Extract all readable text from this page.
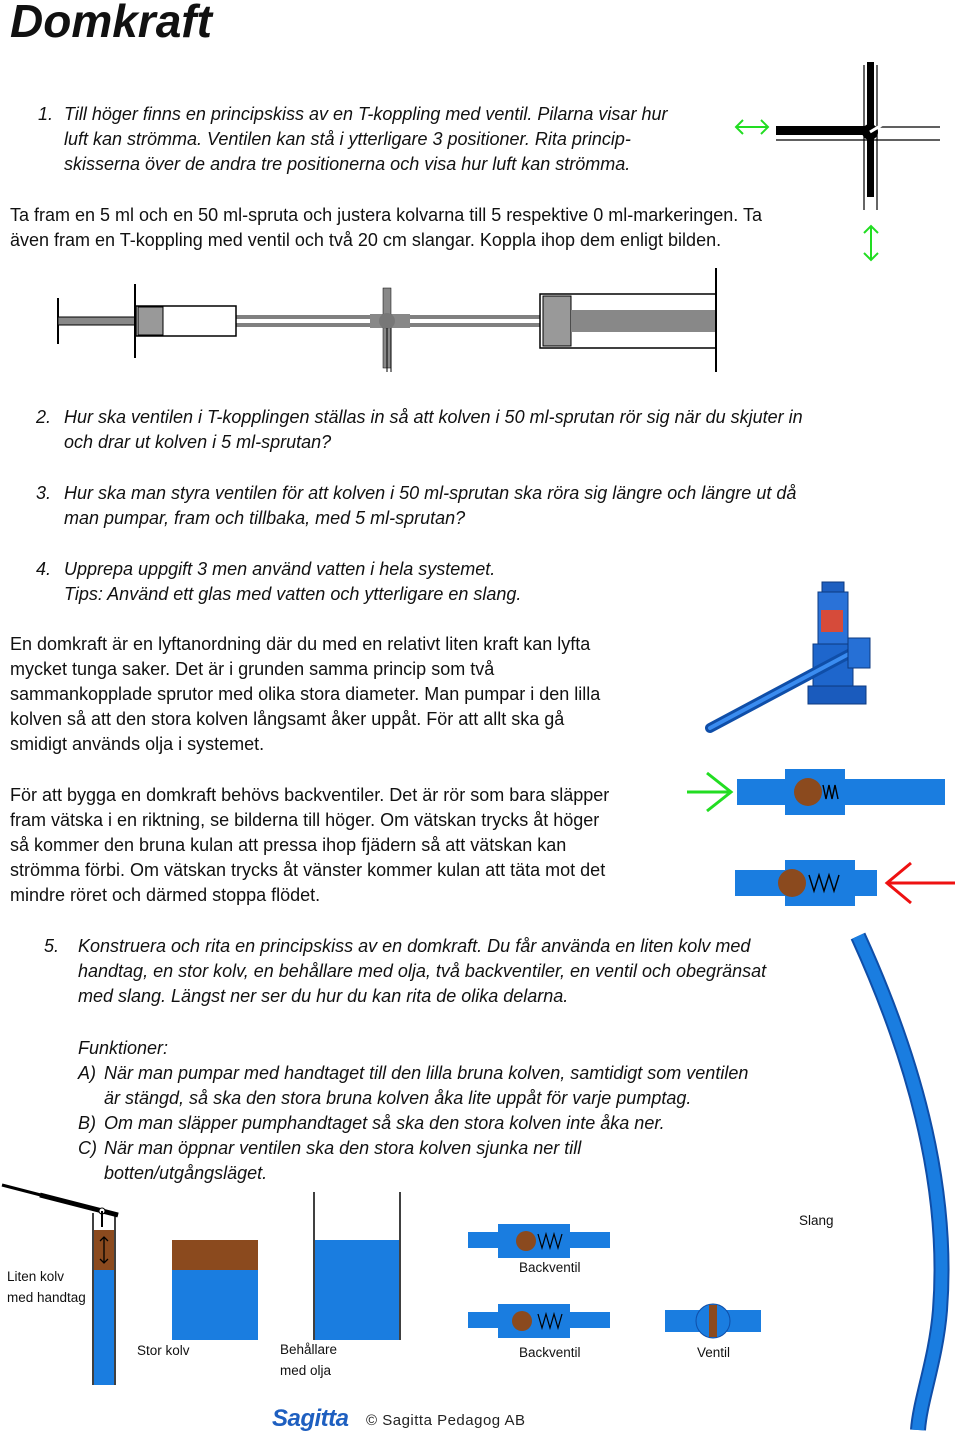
Domkraft
1. Till höger finns en principskiss av en T-koppling med ventil. Pilarna visar hur
luft kan strömma. Ventilen kan stå i ytterligare 3 positioner. Rita princip-
skisserna över de andra tre positionerna och visa hur luft kan strömma.
Ta fram en 5 ml och en 50 ml-spruta och justera kolvarna till 5 respektive 0 ml-markeringen. Ta
även fram en T-koppling med ventil och två 20 cm slangar. Koppla ihop dem enligt bilden.
2. Hur ska ventilen i T-kopplingen ställas in så att kolven i 50 ml-sprutan rör sig när du skjuter in
och drar ut kolven i 5 ml-sprutan?
3. Hur ska man styra ventilen för att kolven i 50 ml-sprutan ska röra sig längre och längre ut då
man pumpar, fram och tillbaka, med 5 ml-sprutan?
4. Upprepa uppgift 3 men använd vatten i hela systemet.
Tips: Använd ett glas med vatten och ytterligare en slang.
En domkraft är en lyftanordning där du med en relativt liten kraft kan lyfta
mycket tunga saker. Det är i grunden samma princip som två
sammankopplade sprutor med olika stora diameter. Man pumpar i den lilla
kolven så att den stora kolven långsamt åker uppåt. För att allt ska gå
smidigt används olja i systemet.
För att bygga en domkraft behövs backventiler. Det är rör som bara släpper
fram vätska i en riktning, se bilderna till höger. Om vätskan trycks åt höger
så kommer den bruna kulan att pressa ihop fjädern så att vätskan kan
strömma förbi. Om vätskan trycks åt vänster kommer kulan att täta mot det
mindre röret och därmed stoppa flödet.
5. Konstruera och rita en principskiss av en domkraft. Du får använda en liten kolv med
handtag, en stor kolv, en behållare med olja, två backventiler, en ventil och obegränsat
med slang. Längst ner ser du hur du kan rita de olika delarna.
Funktioner:
A) När man pumpar med handtaget till den lilla bruna kolven, samtidigt som ventilen
är stängd, så ska den stora bruna kolven åka lite uppåt för varje pumptag.
B) Om man släpper pumphandtaget så ska den stora kolven inte åka ner.
C) När man öppnar ventilen ska den stora kolven sjunka ner till
botten/utgångsläget.
Liten kolv
med handtag
Stor kolv	Behållare
med olja
Backventil
Backventil	Ventil
Slang
Sagitta © Sagitta Pedagog AB
